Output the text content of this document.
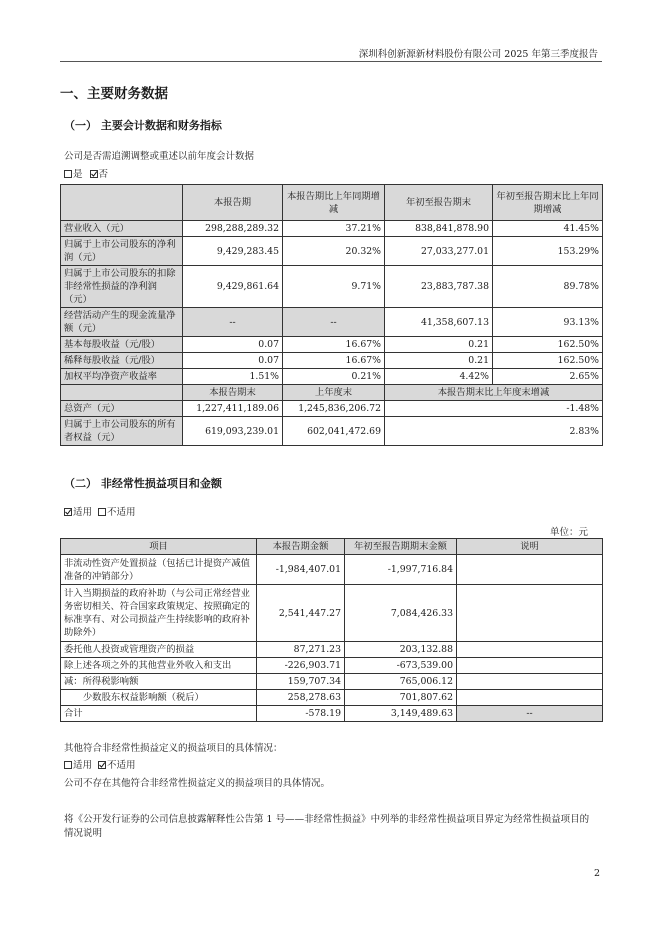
深圳科创新源新材料股份有限公司 2025 年第三季度报告
一、主要财务数据
（一） 主要会计数据和财务指标
公司是否需追溯调整或重述以前年度会计数据
是 否
	本报告期	本报告期比上年同期增减	年初至报告期末	年初至报告期末比上年同期增减
营业收入（元）	298,288,289.32	37.21%	838,841,878.90	41.45%
归属于上市公司股东的净利润（元）	9,429,283.45	20.32%	27,033,277.01	153.29%
归属于上市公司股东的扣除非经常性损益的净利润（元）	9,429,861.64	9.71%	23,883,787.38	89.78%
经营活动产生的现金流量净额（元）	--	--	41,358,607.13	93.13%
基本每股收益（元/股）	0.07	16.67%	0.21	162.50%
稀释每股收益（元/股）	0.07	16.67%	0.21	162.50%
加权平均净资产收益率	1.51%	0.21%	4.42%	2.65%
	本报告期末	上年度末	本报告期末比上年度末增减	
总资产（元）	1,227,411,189.06	1,245,836,206.72	-1.48%	
归属于上市公司股东的所有者权益（元）	619,093,239.01	602,041,472.69	2.83%	
（二） 非经常性损益项目和金额
适用 不适用
单位：元
项目	本报告期金额	年初至报告期期末金额	说明
非流动性资产处置损益（包括已计提资产减值准备的冲销部分）	-1,984,407.01	-1,997,716.84	
计入当期损益的政府补助（与公司正常经营业务密切相关、符合国家政策规定、按照确定的标准享有、对公司损益产生持续影响的政府补助除外）	2,541,447.27	7,084,426.33	
委托他人投资或管理资产的损益	87,271.23	203,132.88	
除上述各项之外的其他营业外收入和支出	-226,903.71	-673,539.00	
减：所得税影响额	159,707.34	765,006.12	
少数股东权益影响额（税后）	258,278.63	701,807.62	
合计	-578.19	3,149,489.63	--
其他符合非经常性损益定义的损益项目的具体情况：
适用 不适用
公司不存在其他符合非经常性损益定义的损益项目的具体情况。
将《公开发行证券的公司信息披露解释性公告第 1 号——非经常性损益》中列举的非经常性损益项目界定为经常性损益项目的情况说明
2
